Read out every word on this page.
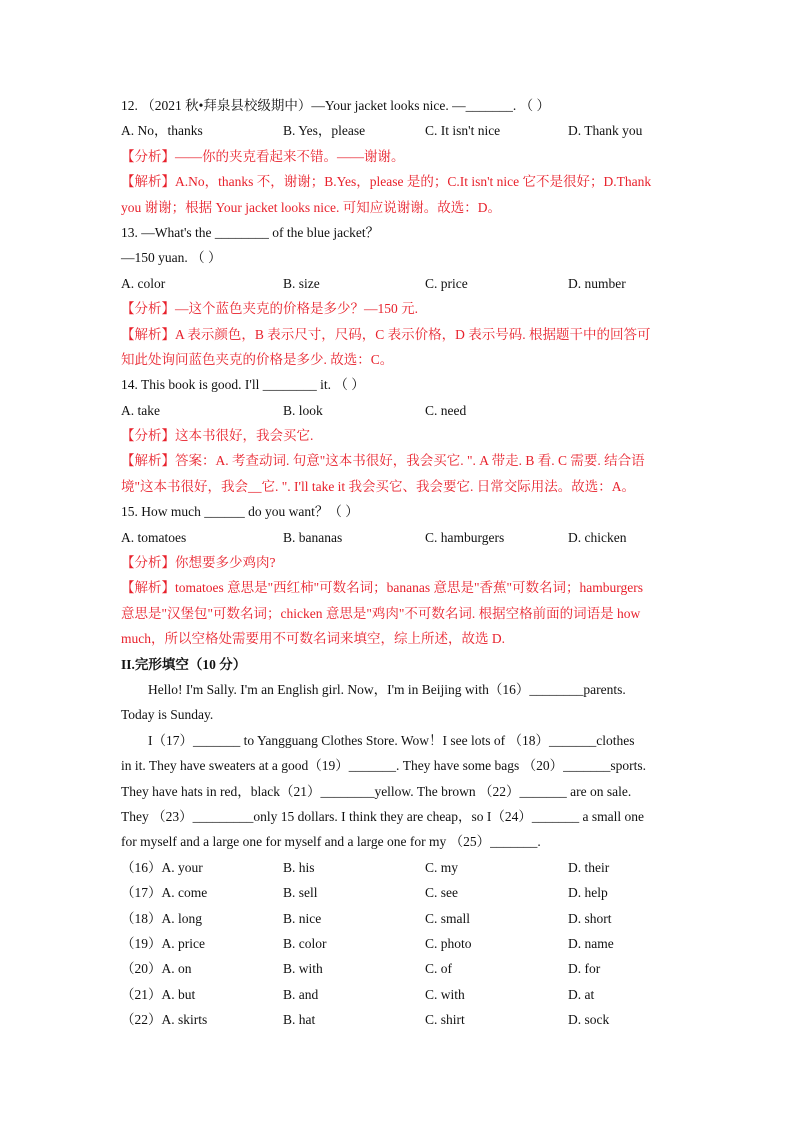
12. （2021 秋•拜泉县校级期中）—Your jacket looks nice. —_______. （ ）
A. No，thanks	B. Yes，please	C. It isn't nice	D. Thank you
【分析】——你的夹克看起来不错。——谢谢。
【解析】A.No，thanks 不，谢谢；B.Yes，please 是的；C.It isn't nice 它不是很好；D.Thank
you 谢谢；根据 Your jacket looks nice. 可知应说谢谢。故选：D。
13. —What's the ________ of the blue jacket？
—150 yuan. （ ）
A. color	B. size	C. price	D. number
【分析】—这个蓝色夹克的价格是多少？—150 元.
【解析】A 表示颜色，B 表示尺寸，尺码，C 表示价格，D 表示号码. 根据题干中的回答可
知此处询问蓝色夹克的价格是多少. 故选：C。
14. This book is good. I'll ________ it. （ ）
A. take	B. look	C. need
【分析】这本书很好，我会买它.
【解析】答案：A. 考查动词. 句意"这本书很好，我会买它. ". A 带走. B 看. C 需要. 结合语
境"这本书很好，我会__它. ". I'll take it 我会买它、我会要它. 日常交际用法。故选：A。
15. How much ______ do you want？（ ）
A. tomatoes	B. bananas	C. hamburgers	D. chicken
【分析】你想要多少鸡肉?
【解析】tomatoes 意思是"西红柿"可数名词；bananas 意思是"香蕉"可数名词；hamburgers
意思是"汉堡包"可数名词；chicken 意思是"鸡肉"不可数名词. 根据空格前面的词语是 how
much，所以空格处需要用不可数名词来填空，综上所述，故选 D.
II.完形填空（10 分）
Hello! I'm Sally. I'm an English girl. Now，I'm in Beijing with（16）________parents.
Today is Sunday.
I（17）_______ to Yangguang Clothes Store. Wow！I see lots of （18）_______clothes
in it. They have sweaters at a good（19）_______. They have some bags （20）_______sports.
They have hats in red，black（21）________yellow. The brown （22）_______ are on sale.
They （23）_________only 15 dollars. I think they are cheap，so I（24）_______ a small one
for myself and a large one for myself and a large one for my （25）_______.
（16）A. your	B. his	C. my	D. their
（17）A. come	B. sell	C. see	D. help
（18）A. long	B. nice	C. small	D. short
（19）A. price	B. color	C. photo	D. name
（20）A. on	B. with	C. of	D. for
（21）A. but	B. and	C. with	D. at
（22）A. skirts	B. hat	C. shirt	D. sock
